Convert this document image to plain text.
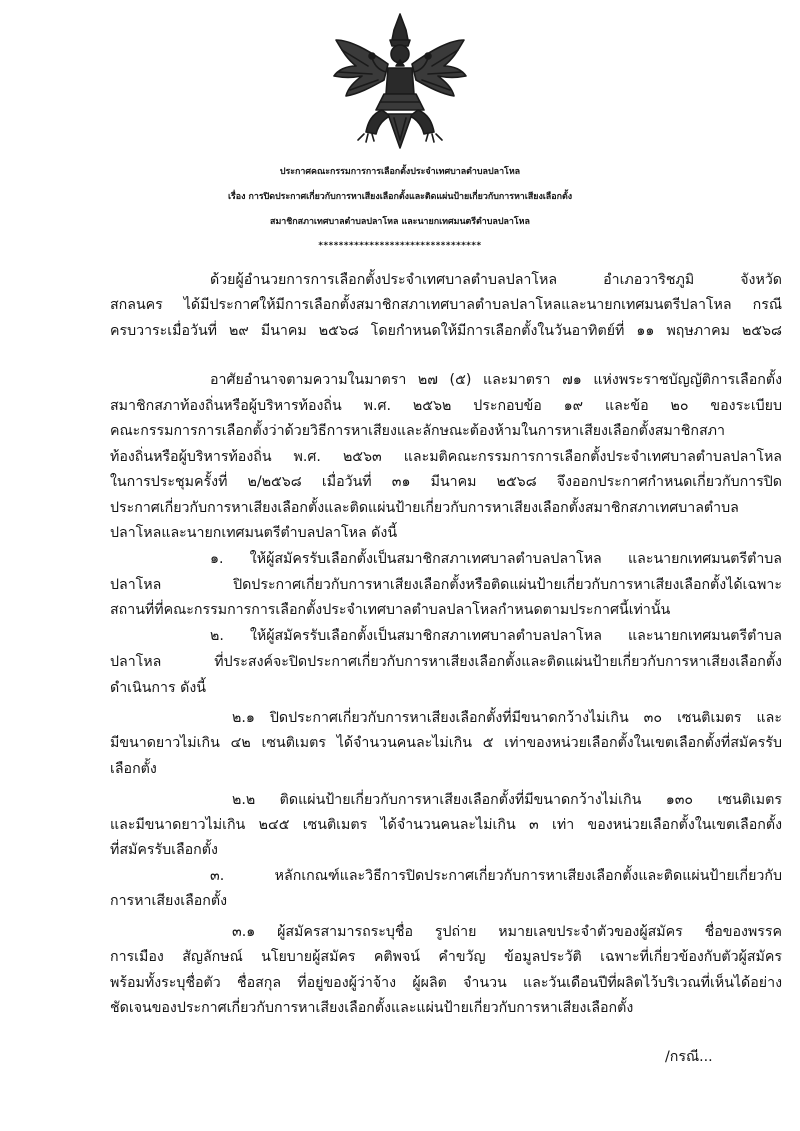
ประกาศคณะกรรมการการเลือกตั้งประจำเทศบาลตำบลปลาโหล
เรื่อง การปิดประกาศเกี่ยวกับการหาเสียงเลือกตั้งและติดแผ่นป้ายเกี่ยวกับการหาเสียงเลือกตั้ง
สมาชิกสภาเทศบาลตำบลปลาโหล และนายกเทศมนตรีตำบลปลาโหล
********************************
ด้วยผู้อำนวยการการเลือกตั้งประจำเทศบาลตำบลปลาโหล อำเภอวาริชภูมิ จังหวัด
สกลนคร ได้มีประกาศให้มีการเลือกตั้งสมาชิกสภาเทศบาลตำบลปลาโหลและนายกเทศมนตรีปลาโหล กรณี
ครบวาระเมื่อวันที่ ๒๙ มีนาคม ๒๕๖๘ โดยกำหนดให้มีการเลือกตั้งในวันอาทิตย์ที่ ๑๑ พฤษภาคม ๒๕๖๘
อาศัยอำนาจตามความในมาตรา ๒๗ (๕) และมาตรา ๗๑ แห่งพระราชบัญญัติการเลือกตั้ง
สมาชิกสภาท้องถิ่นหรือผู้บริหารท้องถิ่น พ.ศ. ๒๕๖๒ ประกอบข้อ ๑๙ และข้อ ๒๐ ของระเบียบ
คณะกรรมการการเลือกตั้งว่าด้วยวิธีการหาเสียงและลักษณะต้องห้ามในการหาเสียงเลือกตั้งสมาชิกสภา
ท้องถิ่นหรือผู้บริหารท้องถิ่น พ.ศ. ๒๕๖๓ และมติคณะกรรมการการเลือกตั้งประจำเทศบาลตำบลปลาโหล
ในการประชุมครั้งที่ ๒/๒๕๖๘ เมื่อวันที่ ๓๑ มีนาคม ๒๕๖๘ จึงออกประกาศกำหนดเกี่ยวกับการปิด
ประกาศเกี่ยวกับการหาเสียงเลือกตั้งและติดแผ่นป้ายเกี่ยวกับการหาเสียงเลือกตั้งสมาชิกสภาเทศบาลตำบล
ปลาโหลและนายกเทศมนตรีตำบลปลาโหล ดังนี้
๑. ให้ผู้สมัครรับเลือกตั้งเป็นสมาชิกสภาเทศบาลตำบลปลาโหล และนายกเทศมนตรีตำบล
ปลาโหล ปิดประกาศเกี่ยวกับการหาเสียงเลือกตั้งหรือติดแผ่นป้ายเกี่ยวกับการหาเสียงเลือกตั้งได้เฉพาะ
สถานที่ที่คณะกรรมการการเลือกตั้งประจำเทศบาลตำบลปลาโหลกำหนดตามประกาศนี้เท่านั้น
๒. ให้ผู้สมัครรับเลือกตั้งเป็นสมาชิกสภาเทศบาลตำบลปลาโหล และนายกเทศมนตรีตำบล
ปลาโหล ที่ประสงค์จะปิดประกาศเกี่ยวกับการหาเสียงเลือกตั้งและติดแผ่นป้ายเกี่ยวกับการหาเสียงเลือกตั้ง
ดำเนินการ ดังนี้
๒.๑ ปิดประกาศเกี่ยวกับการหาเสียงเลือกตั้งที่มีขนาดกว้างไม่เกิน ๓๐ เซนติเมตร และ
มีขนาดยาวไม่เกิน ๔๒ เซนติเมตร ได้จำนวนคนละไม่เกิน ๕ เท่าของหน่วยเลือกตั้งในเขตเลือกตั้งที่สมัครรับ
เลือกตั้ง
๒.๒ ติดแผ่นป้ายเกี่ยวกับการหาเสียงเลือกตั้งที่มีขนาดกว้างไม่เกิน ๑๓๐ เซนติเมตร
และมีขนาดยาวไม่เกิน ๒๔๕ เซนติเมตร ได้จำนวนคนละไม่เกิน ๓ เท่า ของหน่วยเลือกตั้งในเขตเลือกตั้ง
ที่สมัครรับเลือกตั้ง
๓. หลักเกณฑ์และวิธีการปิดประกาศเกี่ยวกับการหาเสียงเลือกตั้งและติดแผ่นป้ายเกี่ยวกับ
การหาเสียงเลือกตั้ง
๓.๑ ผู้สมัครสามารถระบุชื่อ รูปถ่าย หมายเลขประจำตัวของผู้สมัคร ชื่อของพรรค
การเมือง สัญลักษณ์ นโยบายผู้สมัคร คติพจน์ คำขวัญ ข้อมูลประวัติ เฉพาะที่เกี่ยวข้องกับตัวผู้สมัคร
พร้อมทั้งระบุชื่อตัว ชื่อสกุล ที่อยู่ของผู้ว่าจ้าง ผู้ผลิต จำนวน และวันเดือนปีที่ผลิตไว้บริเวณที่เห็นได้อย่าง
ชัดเจนของประกาศเกี่ยวกับการหาเสียงเลือกตั้งและแผ่นป้ายเกี่ยวกับการหาเสียงเลือกตั้ง
/กรณี...
